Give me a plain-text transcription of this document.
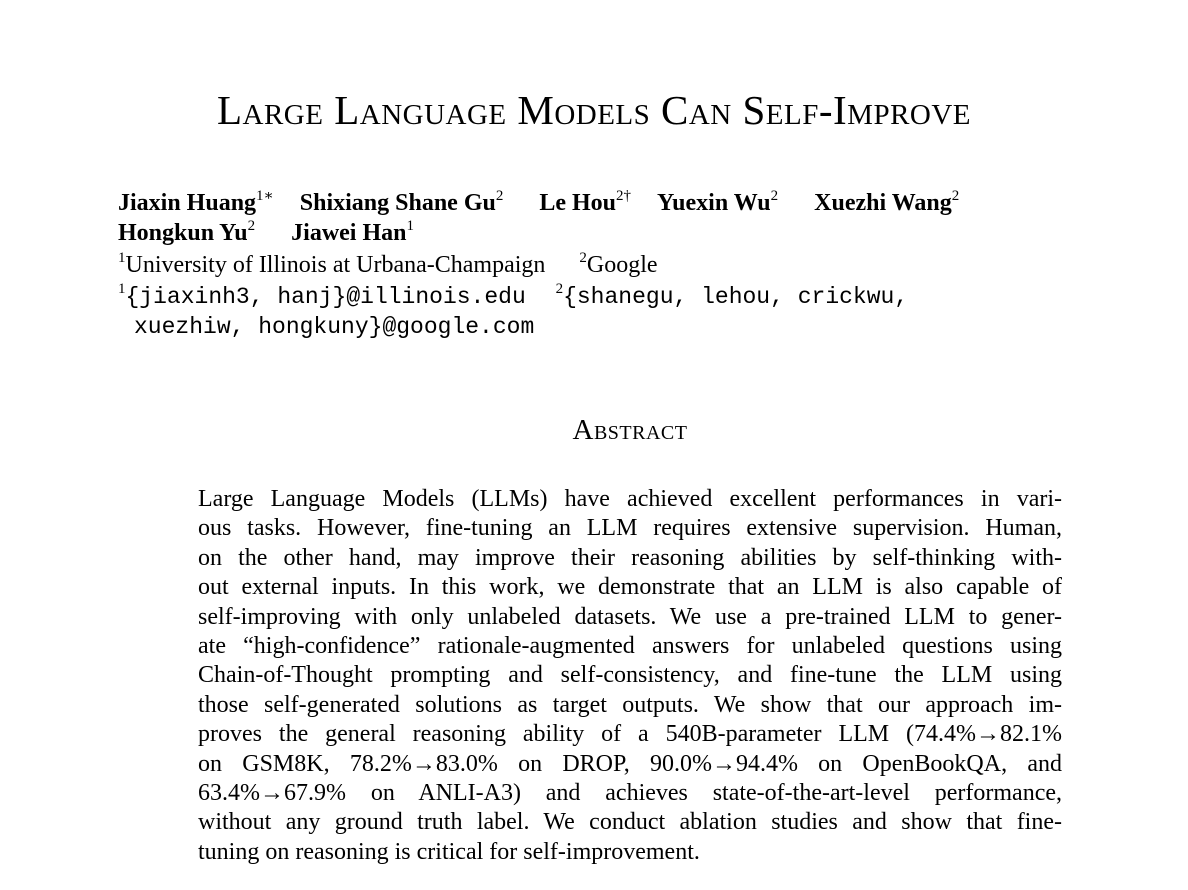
Large Language Models Can Self-Improve
Jiaxin Huang$^{1∗}$ Shixiang Shane Gu$^2$ Le Hou$^{2\dagger}$ Yuexin Wu$^2$ Xuezhi Wang$^2$
Hongkun Yu$^2$ Jiawei Han$^1$
$^1$University of Illinois at Urbana-Champaign $^2$Google
$^1${jiaxinh3, hanj}@illinois.edu $^2${shanegu, lehou, crickwu,
xuezhiw, hongkuny}@google.com
Abstract
Large Language Models (LLMs) have achieved excellent performances in vari-
ous tasks. However, fine-tuning an LLM requires extensive supervision. Human,
on the other hand, may improve their reasoning abilities by self-thinking with-
out external inputs. In this work, we demonstrate that an LLM is also capable of
self-improving with only unlabeled datasets. We use a pre-trained LLM to gener-
ate “high-confidence” rationale-augmented answers for unlabeled questions using
Chain-of-Thought prompting and self-consistency, and fine-tune the LLM using
those self-generated solutions as target outputs. We show that our approach im-
proves the general reasoning ability of a 540B-parameter LLM (74.4%→82.1%
on GSM8K, 78.2%→83.0% on DROP, 90.0%→94.4% on OpenBookQA, and
63.4%→67.9% on ANLI-A3) and achieves state-of-the-art-level performance,
without any ground truth label. We conduct ablation studies and show that fine-
tuning on reasoning is critical for self-improvement.
